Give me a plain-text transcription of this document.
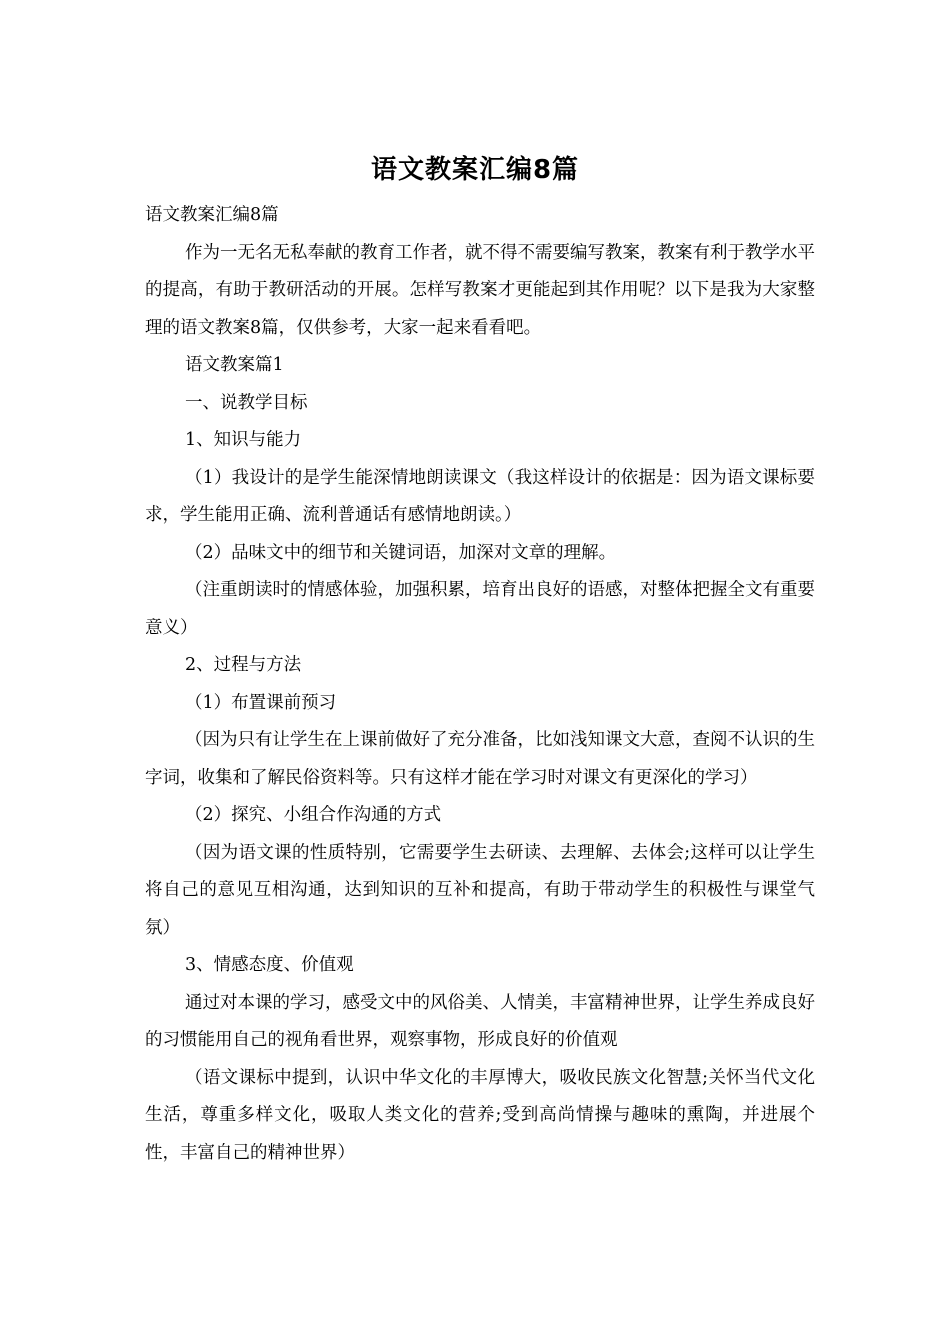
语文教案汇编8篇

语文教案汇编8篇

作为一无名无私奉献的教育工作者，就不得不需要编写教案，教案有利于教学水平的提高，有助于教研活动的开展。怎样写教案才更能起到其作用呢？以下是我为大家整理的语文教案8篇，仅供参考，大家一起来看看吧。

语文教案篇1

一、说教学目标

1、知识与能力

（1）我设计的是学生能深情地朗读课文（我这样设计的依据是：因为语文课标要求，学生能用正确、流利普通话有感情地朗读。）

（2）品味文中的细节和关键词语，加深对文章的理解。

（注重朗读时的情感体验，加强积累，培育出良好的语感，对整体把握全文有重要意义）

2、过程与方法

（1）布置课前预习

（因为只有让学生在上课前做好了充分准备，比如浅知课文大意，查阅不认识的生字词，收集和了解民俗资料等。只有这样才能在学习时对课文有更深化的学习）

（2）探究、小组合作沟通的方式

（因为语文课的性质特别，它需要学生去研读、去理解、去体会;这样可以让学生将自己的意见互相沟通，达到知识的互补和提高，有助于带动学生的积极性与课堂气氛）

3、情感态度、价值观

通过对本课的学习，感受文中的风俗美、人情美，丰富精神世界，让学生养成良好的习惯能用自己的视角看世界，观察事物，形成良好的价值观

（语文课标中提到，认识中华文化的丰厚博大，吸收民族文化智慧;关怀当代文化生活，尊重多样文化，吸取人类文化的营养;受到高尚情操与趣味的熏陶，并进展个性，丰富自己的精神世界）
